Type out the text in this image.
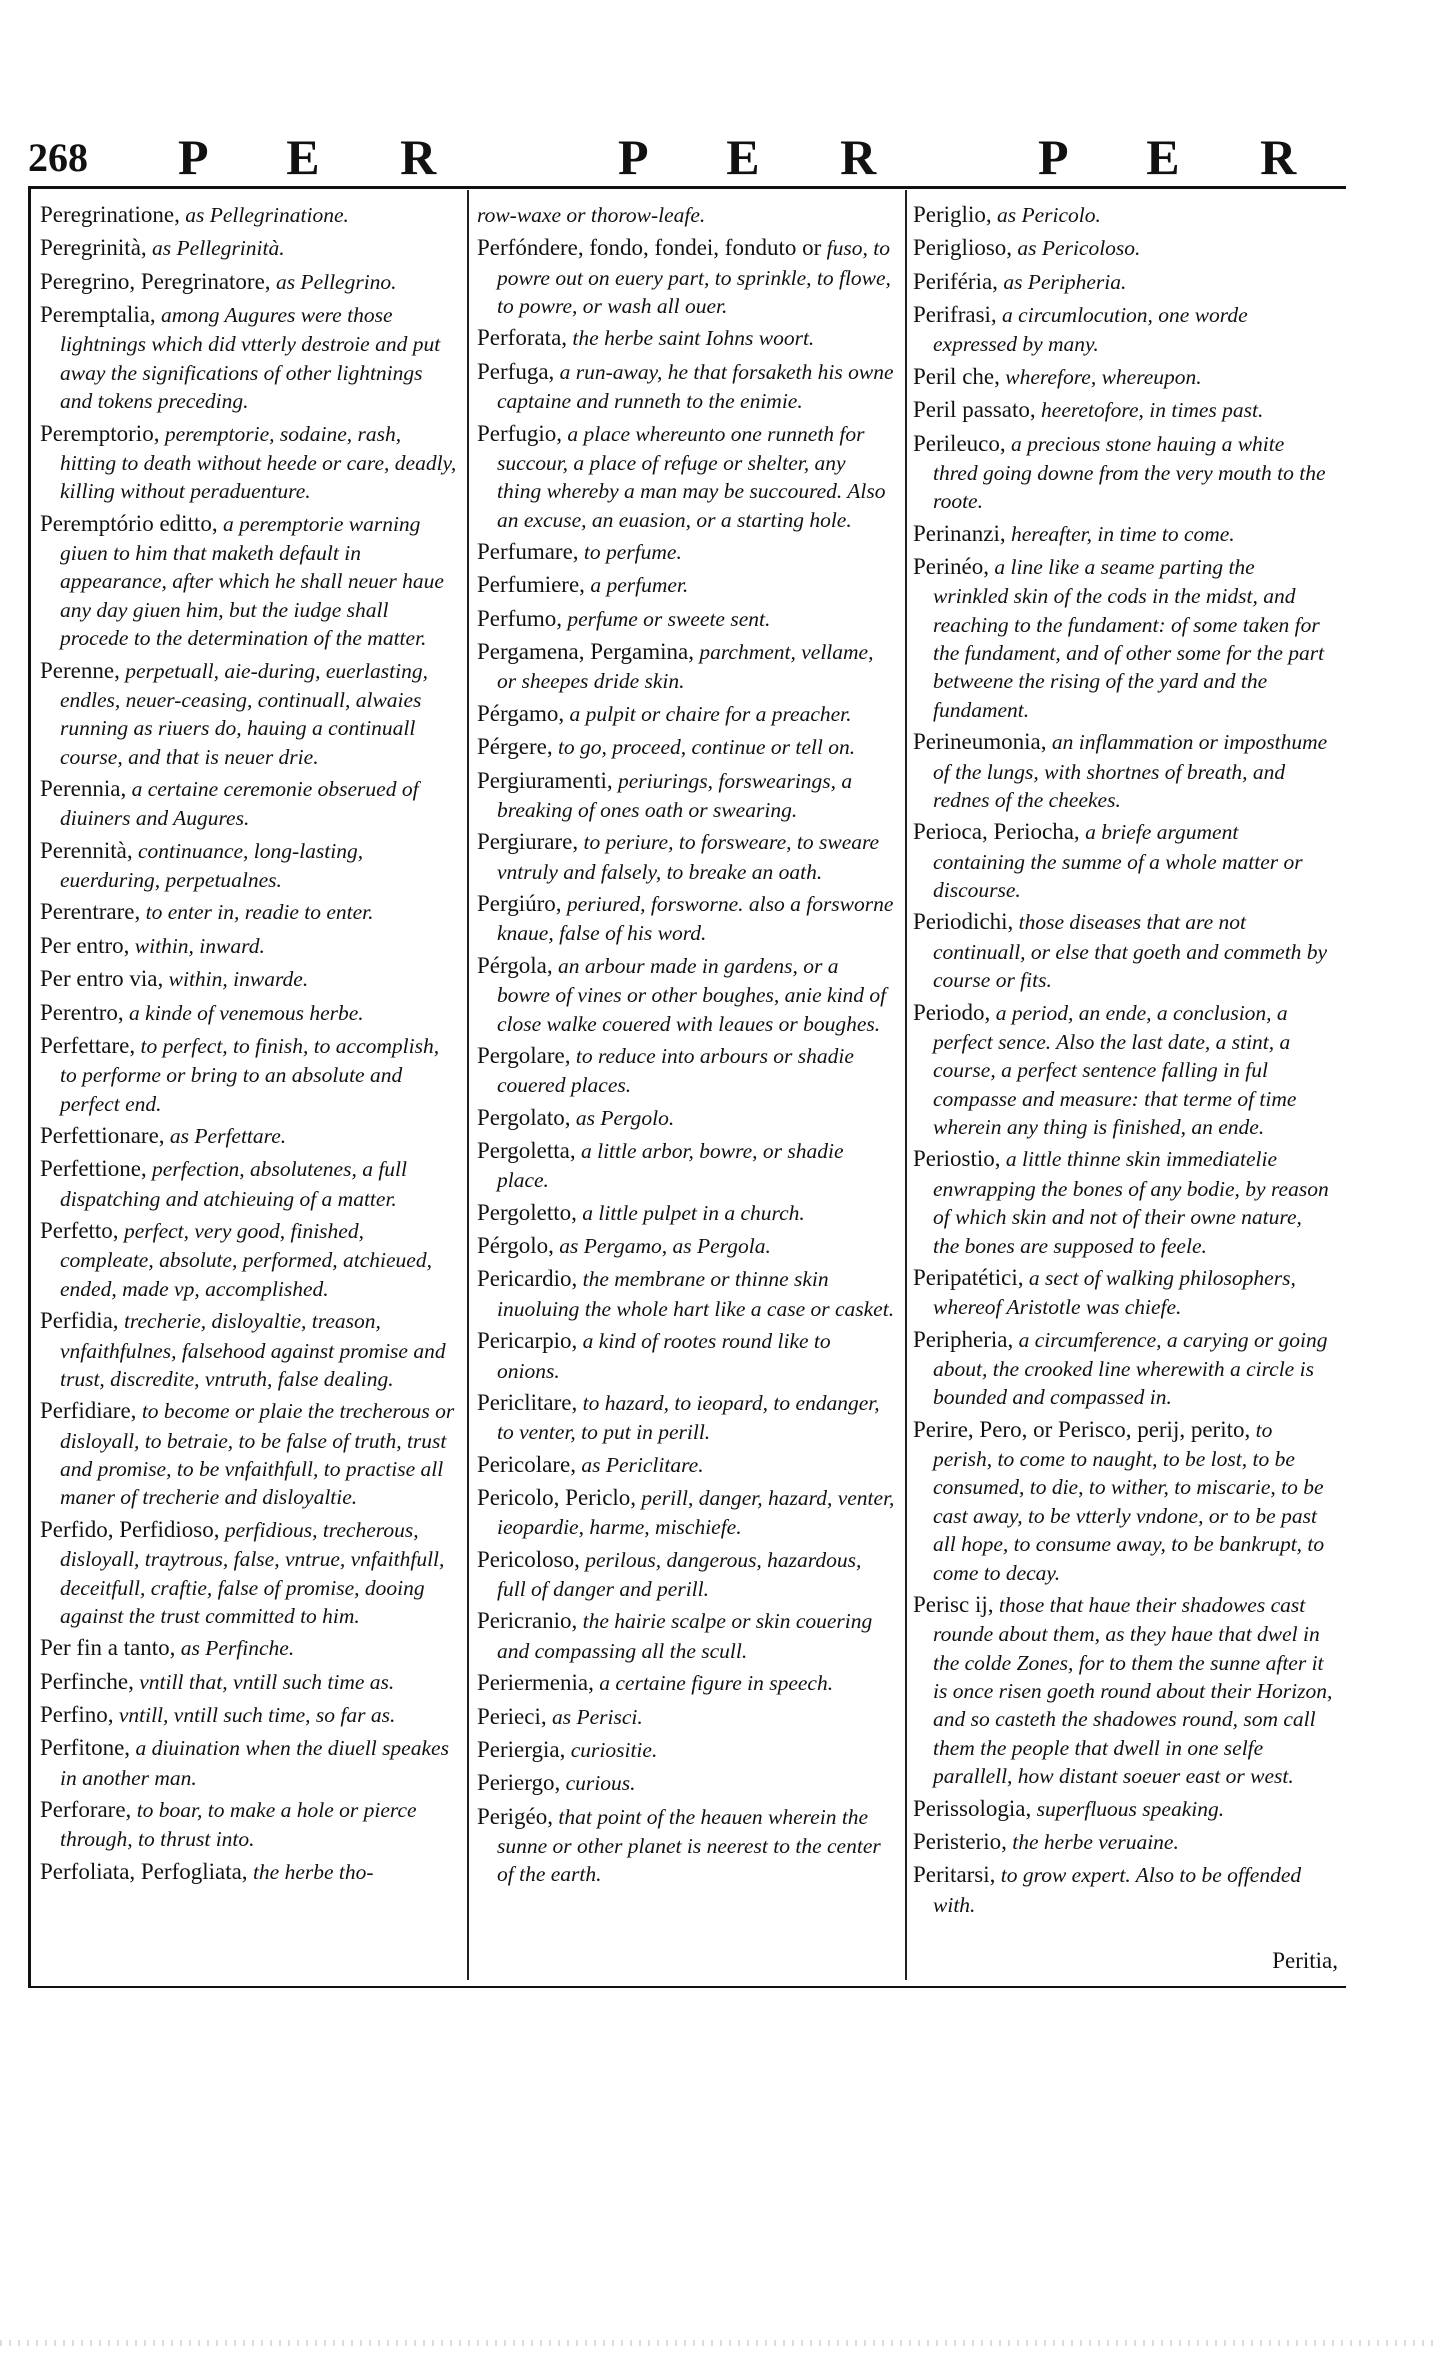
268 P E R	P E R	P E R

Peregrinatione, as Pellegrinatione.

Peregrinità, as Pellegrinità.

Peregrino, Peregrinatore, as Pellegrino.

Peremptalia, among Augures were those lightnings which did vtterly destroie and put away the significations of other lightnings and tokens preceding.

Peremptorio, peremptorie, sodaine, rash, hitting to death without heede or care, deadly, killing without peraduenture.

Peremptório editto, a peremptorie warning giuen to him that maketh default in appearance, after which he shall neuer haue any day giuen him, but the iudge shall procede to the determination of the matter.

Perenne, perpetuall, aie-during, euerlasting, endles, neuer-ceasing, continuall, alwaies running as riuers do, hauing a continuall course, and that is neuer drie.

Perennia, a certaine ceremonie obserued of diuiners and Augures.

Perennità, continuance, long-lasting, euerduring, perpetualnes.

Perentrare, to enter in, readie to enter.

Per entro, within, inward.

Per entro via, within, inwarde.

Perentro, a kinde of venemous herbe.

Perfettare, to perfect, to finish, to accomplish, to performe or bring to an absolute and perfect end.

Perfettionare, as Perfettare.

Perfettione, perfection, absolutenes, a full dispatching and atchieuing of a matter.

Perfetto, perfect, very good, finished, compleate, absolute, performed, atchieued, ended, made vp, accomplished.

Perfidia, trecherie, disloyaltie, treason, vnfaithfulnes, falsehood against promise and trust, discredite, vntruth, false dealing.

Perfidiare, to become or plaie the trecherous or disloyall, to betraie, to be false of truth, trust and promise, to be vnfaithfull, to practise all maner of trecherie and disloyaltie.

Perfido, Perfidioso, perfidious, trecherous, disloyall, traytrous, false, vntrue, vnfaithfull, deceitfull, craftie, false of promise, dooing against the trust committed to him.

Per fin a tanto, as Perfinche.

Perfinche, vntill that, vntill such time as.

Perfino, vntill, vntill such time, so far as.

Perfitone, a diuination when the diuell speakes in another man.

Perforare, to boar, to make a hole or pierce through, to thrust into.

Perfoliata, Perfogliata, the herbe tho-

row-waxe or thorow-leafe.

Perfóndere, fondo, fondei, fonduto or fuso, to powre out on euery part, to sprinkle, to flowe, to powre, or wash all ouer.

Perforata, the herbe saint Iohns woort.

Perfuga, a run-away, he that forsaketh his owne captaine and runneth to the enimie.

Perfugio, a place whereunto one runneth for succour, a place of refuge or shelter, any thing whereby a man may be succoured. Also an excuse, an euasion, or a starting hole.

Perfumare, to perfume.

Perfumiere, a perfumer.

Perfumo, perfume or sweete sent.

Pergamena, Pergamina, parchment, vellame, or sheepes dride skin.

Pérgamo, a pulpit or chaire for a preacher.

Pérgere, to go, proceed, continue or tell on.

Pergiuramenti, periurings, forswearings, a breaking of ones oath or swearing.

Pergiurare, to periure, to forsweare, to sweare vntruly and falsely, to breake an oath.

Pergiúro, periured, forsworne. also a forsworne knaue, false of his word.

Pérgola, an arbour made in gardens, or a bowre of vines or other boughes, anie kind of close walke couered with leaues or boughes.

Pergolare, to reduce into arbours or shadie couered places.

Pergolato, as Pergolo.

Pergoletta, a little arbor, bowre, or shadie place.

Pergoletto, a little pulpet in a church.

Pérgolo, as Pergamo, as Pergola.

Pericardio, the membrane or thinne skin inuoluing the whole hart like a case or casket.

Pericarpio, a kind of rootes round like to onions.

Periclitare, to hazard, to ieopard, to endanger, to venter, to put in perill.

Pericolare, as Periclitare.

Pericolo, Periclo, perill, danger, hazard, venter, ieopardie, harme, mischiefe.

Pericoloso, perilous, dangerous, hazardous, full of danger and perill.

Pericranio, the hairie scalpe or skin couering and compassing all the scull.

Periermenia, a certaine figure in speech.

Perieci, as Perisci.

Periergia, curiositie.

Periergo, curious.

Perigéo, that point of the heauen wherein the sunne or other planet is neerest to the center of the earth.

Periglio, as Pericolo.

Periglioso, as Pericoloso.

Periféria, as Peripheria.

Perifrasi, a circumlocution, one worde expressed by many.

Peril che, wherefore, whereupon.

Peril passato, heeretofore, in times past.

Perileuco, a precious stone hauing a white thred going downe from the very mouth to the roote.

Perinanzi, hereafter, in time to come.

Perinéo, a line like a seame parting the wrinkled skin of the cods in the midst, and reaching to the fundament: of some taken for the fundament, and of other some for the part betweene the rising of the yard and the fundament.

Perineumonia, an inflammation or imposthume of the lungs, with shortnes of breath, and rednes of the cheekes.

Perioca, Periocha, a briefe argument containing the summe of a whole matter or discourse.

Periodichi, those diseases that are not continuall, or else that goeth and commeth by course or fits.

Periodo, a period, an ende, a conclusion, a perfect sence. Also the last date, a stint, a course, a perfect sentence falling in ful compasse and measure: that terme of time wherein any thing is finished, an ende.

Periostio, a little thinne skin immediatelie enwrapping the bones of any bodie, by reason of which skin and not of their owne nature, the bones are supposed to feele.

Peripatétici, a sect of walking philosophers, whereof Aristotle was chiefe.

Peripheria, a circumference, a carying or going about, the crooked line wherewith a circle is bounded and compassed in.

Perire, Pero, or Perisco, perij, perito, to perish, to come to naught, to be lost, to be consumed, to die, to wither, to miscarie, to be cast away, to be vtterly vndone, or to be past all hope, to consume away, to be bankrupt, to come to decay.

Perisc ij, those that haue their shadowes cast rounde about them, as they haue that dwel in the colde Zones, for to them the sunne after it is once risen goeth round about their Horizon, and so casteth the shadowes round, som call them the people that dwell in one selfe parallell, how distant soeuer east or west.

Perissologia, superfluous speaking.

Peristerio, the herbe veruaine.

Peritarsi, to grow expert. Also to be offended with.

Peritia,
